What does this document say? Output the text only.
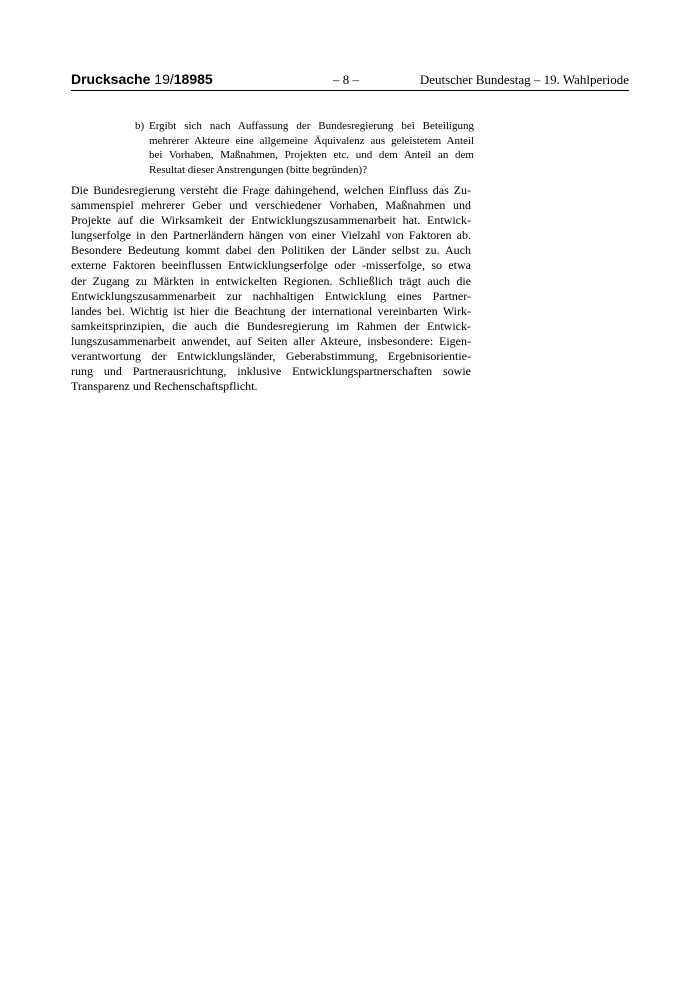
Drucksache 19/18985	– 8 –	Deutscher Bundestag – 19. Wahlperiode
b) Ergibt sich nach Auffassung der Bundesregierung bei Beteiligung
mehrerer Akteure eine allgemeine Äquivalenz aus geleistetem Anteil
bei Vorhaben, Maßnahmen, Projekten etc. und dem Anteil an dem
Resultat dieser Anstrengungen (bitte begründen)?
Die Bundesregierung versteht die Frage dahingehend, welchen Einfluss das Zu-
sammenspiel mehrerer Geber und verschiedener Vorhaben, Maßnahmen und
Projekte auf die Wirksamkeit der Entwicklungszusammenarbeit hat. Entwick-
lungserfolge in den Partnerländern hängen von einer Vielzahl von Faktoren ab.
Besondere Bedeutung kommt dabei den Politiken der Länder selbst zu. Auch
externe Faktoren beeinflussen Entwicklungserfolge oder -misserfolge, so etwa
der Zugang zu Märkten in entwickelten Regionen. Schließlich trägt auch die
Entwicklungszusammenarbeit zur nachhaltigen Entwicklung eines Partner-
landes bei. Wichtig ist hier die Beachtung der international vereinbarten Wirk-
samkeitsprinzipien, die auch die Bundesregierung im Rahmen der Entwick-
lungszusammenarbeit anwendet, auf Seiten aller Akteure, insbesondere: Eigen-
verantwortung der Entwicklungsländer, Geberabstimmung, Ergebnisorientie-
rung und Partnerausrichtung, inklusive Entwicklungspartnerschaften sowie
Transparenz und Rechenschaftspflicht.
